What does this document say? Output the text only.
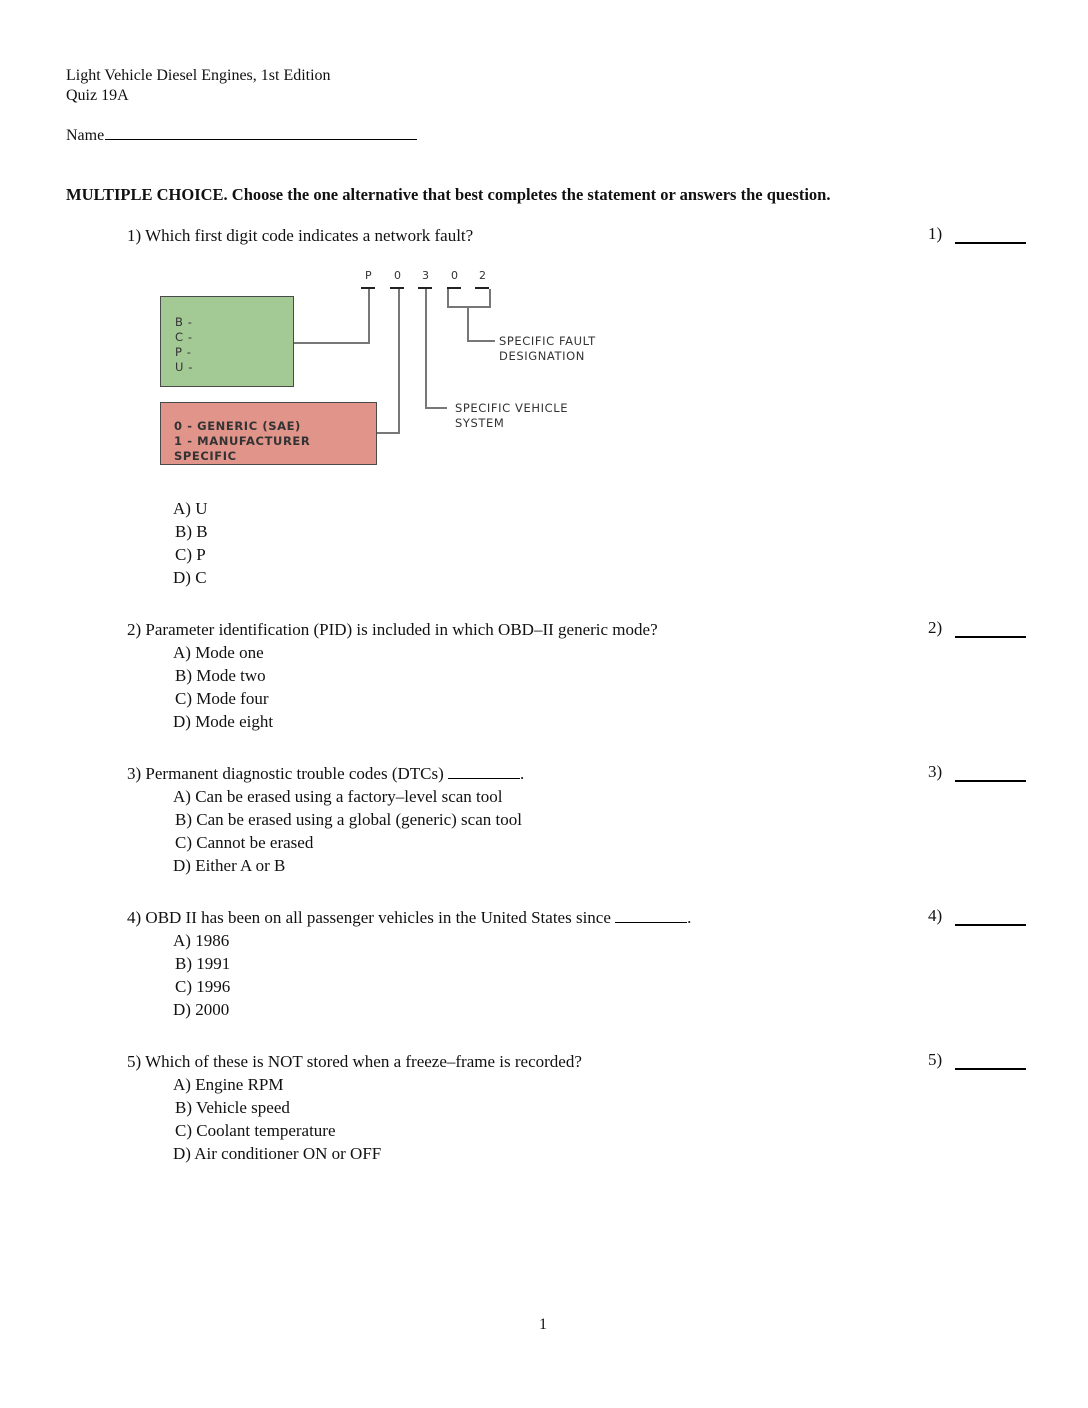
Light Vehicle Diesel Engines, 1st Edition
Quiz 19A
Name
MULTIPLE CHOICE. Choose the one alternative that best completes the statement or answers the question.
1) Which first digit code indicates a network fault?	1)
P 0 3 0 2
B -
C -
P -
U -
0 - GENERIC (SAE)
1 - MANUFACTURER SPECIFIC
SPECIFIC FAULT
DESIGNATION
SPECIFIC VEHICLE
SYSTEM
A) U
B) B
C) P
D) C
2) Parameter identification (PID) is included in which OBD–II generic mode?	2)
A) Mode one
B) Mode two
C) Mode four
D) Mode eight
3) Permanent diagnostic trouble codes (DTCs)	.	3)
A) Can be erased using a factory–level scan tool
B) Can be erased using a global (generic) scan tool
C) Cannot be erased
D) Either A or B
4) OBD II has been on all passenger vehicles in the United States since	.	4)
A) 1986
B) 1991
C) 1996
D) 2000
5) Which of these is NOT stored when a freeze–frame is recorded?	5)
A) Engine RPM
B) Vehicle speed
C) Coolant temperature
D) Air conditioner ON or OFF
1
